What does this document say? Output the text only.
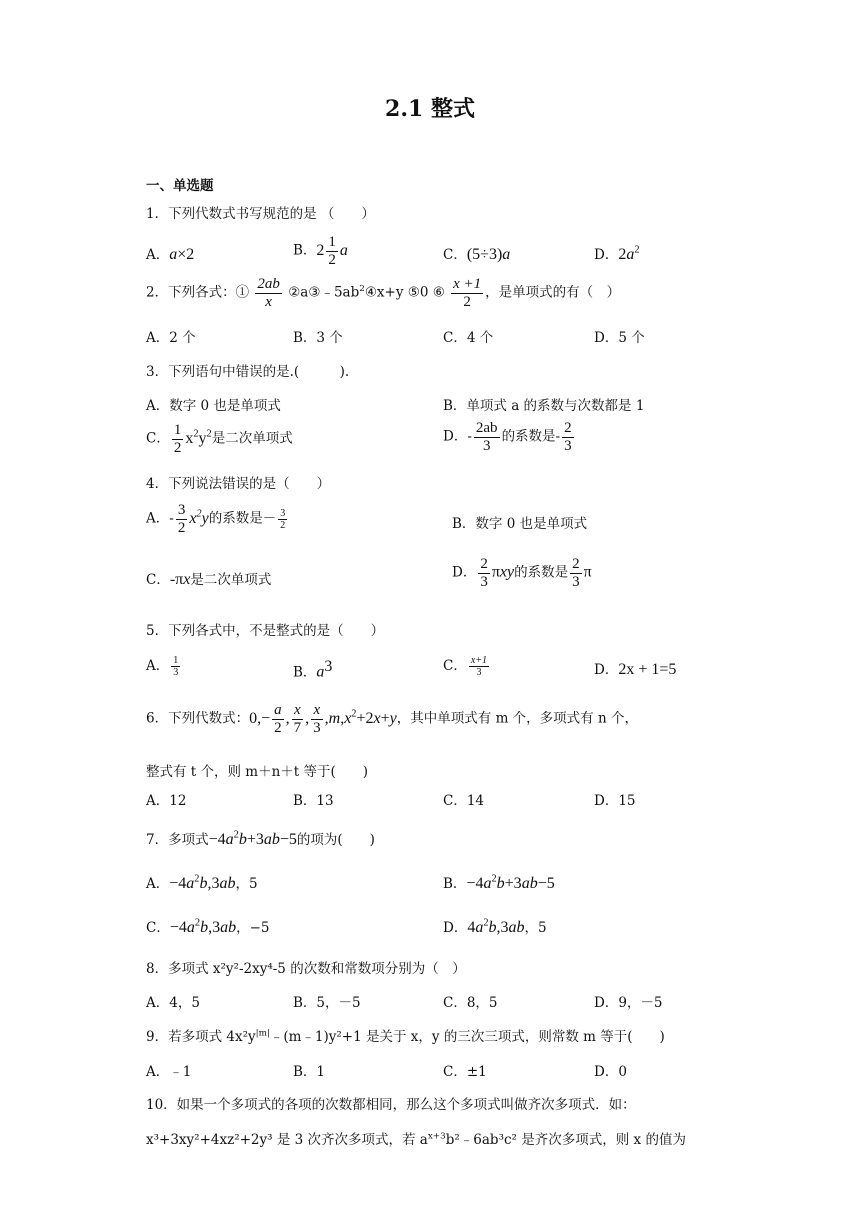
2.1 整式
一、单选题
1．下列代数式书写规范的是 （　　）
A．a×2	B．$2 \frac{1}{2}$ a	C．(5÷3)a	D．$2a^2$
2．下列各式：① $\frac{2ab}{x}$ $②a③﹣5ab^2④x+y$ ⑤0 ⑥ $\frac{x +1}{2}$ ，是单项式的有（　）
A．2 个	B．3 个	C．4 个	D．5 个
3．下列语句中错误的是.(　　　).
A．数字 0 也是单项式	B．单项式 a 的系数与次数都是 1
C． $\frac{1}{2} x^2y^2$是二次单项式	D．- $\frac{2ab}{3}$ 的系数是- $\frac{2}{3}$
4．下列说法错误的是（　　）
A．- $\frac{3}{2} x^2y$的系数是－ $\frac{3}{2}$	B．数字 0 也是单项式
C．-πx是二次单项式	D． $\frac{2}{3}$ πxy的系数是 $\frac{2}{3}$ π
5．下列各式中，不是整式的是（　　）
A． $\frac{1}{3}$	B．$a^3$	C． $\frac{x+1}{3}$	D．2x + 1=5
6．下列代数式：$0,- \frac{a}{2}$ , $\frac{x}{7}$ , $\frac{x}{3} ,m,x^2+2x+y$，其中单项式有 m 个，多项式有 n 个，
整式有 t 个，则 m＋n＋t 等于(　　)
A．12	B．13	C．14	D．15
7．多项式$-4a^2b+3ab-5$的项为(　　)
A．$-4a^2b,3ab$，5	B．$-4a^2b+3ab-5$
C．$-4a^2b,3ab$，−5	D．$4a^2b,3ab$，5
8．多项式 x²y²-2xy⁴-5 的次数和常数项分别为（　）
A．4，5	B．5，－5	C．8，5	D．9，－5
9．若多项式 $4x^2y^{|m|}﹣(m﹣1)y^2+1$ 是关于 x，y 的三次三项式，则常数 m 等于(　　)
A．﹣1	B．1	C．±1	D．0
10．如果一个多项式的各项的次数都相同，那么这个多项式叫做齐次多项式．如：
x³+3xy²+4xz²+2y³ 是 3 次齐次多项式，若 $a^{x+3}b^2﹣6ab^3c^2$ 是齐次多项式，则 x 的值为
